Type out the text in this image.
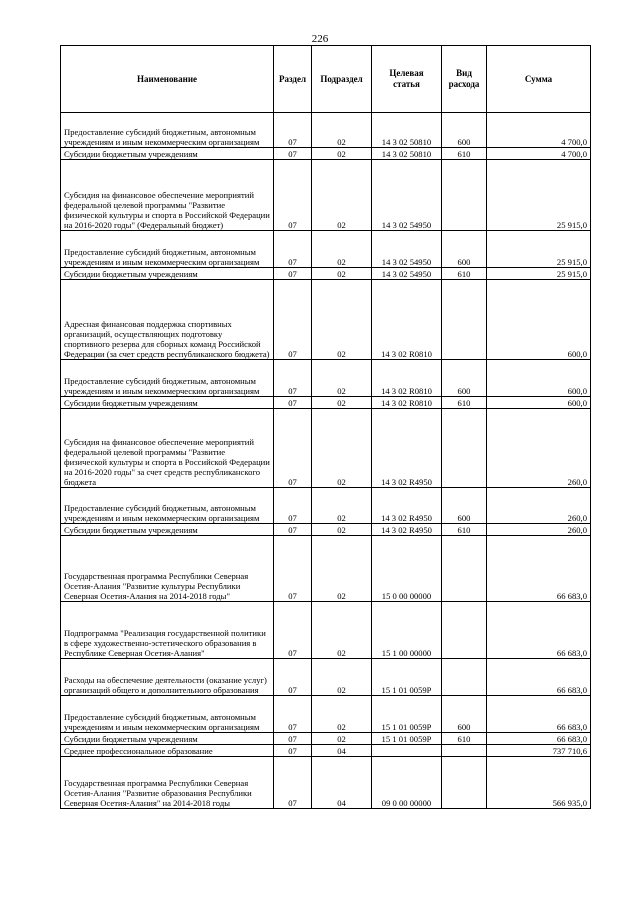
226
Наименование	Раздел	Подраздел	Целевая статья	Вид расхода	Сумма
Предоставление субсидий бюджетным, автономным учреждениям и иным некоммерческим организациям	07	02	14 3 02 50810	600	4 700,0
Субсидии бюджетным учреждениям	07	02	14 3 02 50810	610	4 700,0
Субсидия на финансовое обеспечение мероприятий федеральной целевой программы "Развитие физической культуры и спорта в Российской Федерации на 2016-2020 годы" (Федеральный бюджет)	07	02	14 3 02 54950		25 915,0
Предоставление субсидий бюджетным, автономным учреждениям и иным некоммерческим организациям	07	02	14 3 02 54950	600	25 915,0
Субсидии бюджетным учреждениям	07	02	14 3 02 54950	610	25 915,0
Адресная финансовая поддержка спортивных организаций, осуществляющих подготовку спортивного резерва для сборных команд Российской Федерации (за счет средств республиканского бюджета)	07	02	14 3 02 R0810		600,0
Предоставление субсидий бюджетным, автономным учреждениям и иным некоммерческим организациям	07	02	14 3 02 R0810	600	600,0
Субсидии бюджетным учреждениям	07	02	14 3 02 R0810	610	600,0
Субсидия на финансовое обеспечение мероприятий федеральной целевой программы "Развитие физической культуры и спорта в Российской Федерации на 2016-2020 годы" за счет средств республиканского бюджета	07	02	14 3 02 R4950		260,0
Предоставление субсидий бюджетным, автономным учреждениям и иным некоммерческим организациям	07	02	14 3 02 R4950	600	260,0
Субсидии бюджетным учреждениям	07	02	14 3 02 R4950	610	260,0
Государственная программа Республики Северная Осетия-Алания "Развитие культуры Республики Северная Осетия-Алания на 2014-2018 годы"	07	02	15 0 00 00000		66 683,0
Подпрограмма "Реализация государственной политики в сфере художественно-эстетического образования в Республике Северная Осетия-Алания"	07	02	15 1 00 00000		66 683,0
Расходы на обеспечение деятельности (оказание услуг) организаций общего и дополнительного образования	07	02	15 1 01 0059P		66 683,0
Предоставление субсидий бюджетным, автономным учреждениям и иным некоммерческим организациям	07	02	15 1 01 0059P	600	66 683,0
Субсидии бюджетным учреждениям	07	02	15 1 01 0059P	610	66 683,0
Среднее профессиональное образование	07	04			737 710,6
Государственная программа Республики Северная Осетия-Алания "Развитие образования Республики Северная Осетия-Алания" на 2014-2018 годы	07	04	09 0 00 00000		566 935,0
